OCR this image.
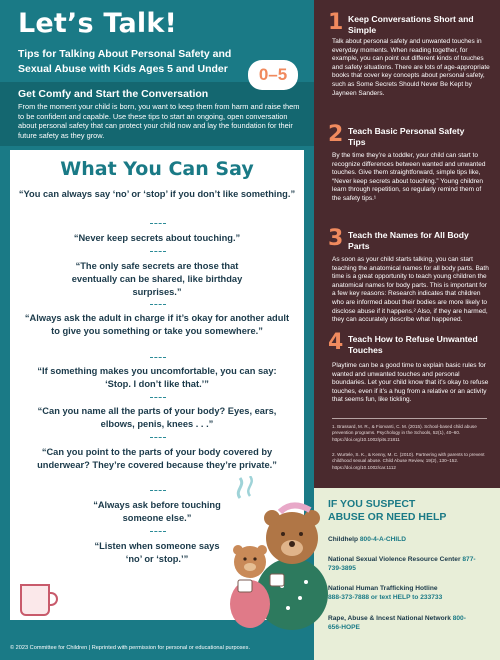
Let’s Talk!
Tips for Talking About Personal Safety and Sexual Abuse with Kids Ages 5 and Under
Get Comfy and Start the Conversation
From the moment your child is born, you want to keep them from harm and raise them to be confident and capable. Use these tips to start an ongoing, open conversation about personal safety that can protect your child now and lay the foundation for their future safety as they grow.
0–5
What You Can Say
“You can always say ‘no’ or ‘stop’ if you don’t like something.”
“Never keep secrets about touching.”
“The only safe secrets are those that eventually can be shared, like birthday surprises.”
“Always ask the adult in charge if it’s okay for another adult to give you something or take you somewhere.”
“If something makes you uncomfortable, you can say: ‘Stop. I don’t like that.’”
“Can you name all the parts of your body? Eyes, ears, elbows, penis, knees . . .”
“Can you point to the parts of your body covered by underwear? They’re covered because they’re private.”
“Always ask before touching someone else.”
“Listen when someone says ‘no’ or ‘stop.’”
HOT CHOCOLATE TALK™
© 2023 Committee for Children | Reprinted with permission for personal or educational purposes.
1 Keep Conversations Short and Simple
Talk about personal safety and unwanted touches in everyday moments. When reading together, for example, you can point out different kinds of touches and safety situations. There are lots of age-appropriate books that cover key concepts about personal safety, such as Some Secrets Should Never Be Kept by Jayneen Sanders.
2 Teach Basic Personal Safety Tips
By the time they’re a toddler, your child can start to recognize differences between wanted and unwanted touches. Give them straightforward, simple tips like, “Never keep secrets about touching.” Young children learn through repetition, so regularly remind them of the safety tips.¹
3 Teach the Names for All Body Parts
As soon as your child starts talking, you can start teaching the anatomical names for all body parts. Bath time is a great opportunity to teach young children the anatomical names for body parts. This is important for a few key reasons: Research indicates that children who are informed about their bodies are more likely to disclose abuse if it happens.² Also, if they are harmed, they can accurately describe what happened.
4 Teach How to Refuse Unwanted Touches
Playtime can be a good time to explain basic rules for wanted and unwanted touches and personal boundaries. Let your child know that it’s okay to refuse touches, even if it’s a hug from a relative or an activity that seems fun, like tickling.
1. Brassard, M. R., & Fiorvanti, C. M. (2015). School-based child abuse prevention programs. Psychology in the Schools, 52(1), 40–60. https://doi.org/10.1002/pits.21811
2. Wurtele, S. K., & Kenny, M. C. (2010). Partnering with parents to prevent childhood sexual abuse. Child Abuse Review, 19(2), 130–152. https://doi.org/10.1002/car.1112
IF YOU SUSPECT
ABUSE OR NEED HELP
Childhelp 800-4-A-CHILD
National Sexual Violence Resource Center 877-739-3895
National Human Trafficking Hotline
888-373-7888 or text HELP to 233733
Rape, Abuse & Incest National Network 800-656-HOPE
